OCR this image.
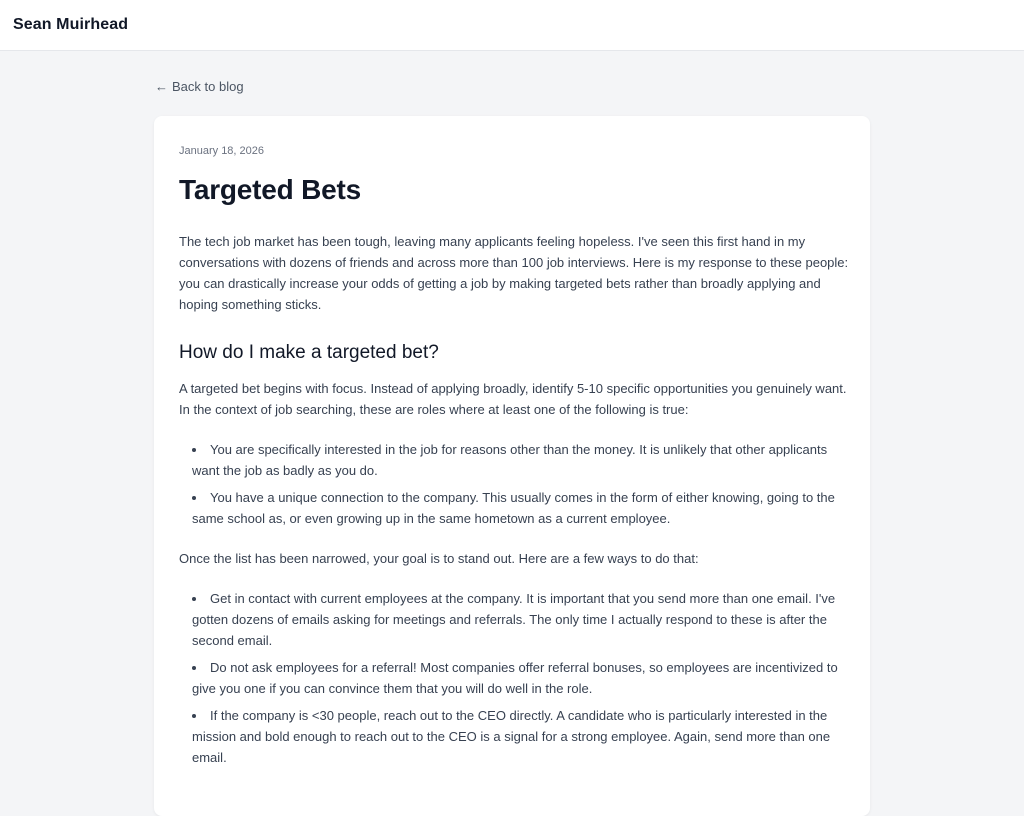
Sean Muirhead
← Back to blog
January 18, 2026
Targeted Bets

The tech job market has been tough, leaving many applicants feeling hopeless. I've seen this first hand in my conversations with dozens of friends and across more than 100 job interviews. Here is my response to these people: you can drastically increase your odds of getting a job by making targeted bets rather than broadly applying and hoping something sticks.

How do I make a targeted bet?

A targeted bet begins with focus. Instead of applying broadly, identify 5-10 specific opportunities you genuinely want. In the context of job searching, these are roles where at least one of the following is true:

You are specifically interested in the job for reasons other than the money. It is unlikely that other applicants want the job as badly as you do.
You have a unique connection to the company. This usually comes in the form of either knowing, going to the same school as, or even growing up in the same hometown as a current employee.

Once the list has been narrowed, your goal is to stand out. Here are a few ways to do that:

Get in contact with current employees at the company. It is important that you send more than one email. I've gotten dozens of emails asking for meetings and referrals. The only time I actually respond to these is after the second email.
Do not ask employees for a referral! Most companies offer referral bonuses, so employees are incentivized to give you one if you can convince them that you will do well in the role.
If the company is <30 people, reach out to the CEO directly. A candidate who is particularly interested in the mission and bold enough to reach out to the CEO is a signal for a strong employee. Again, send more than one email.
